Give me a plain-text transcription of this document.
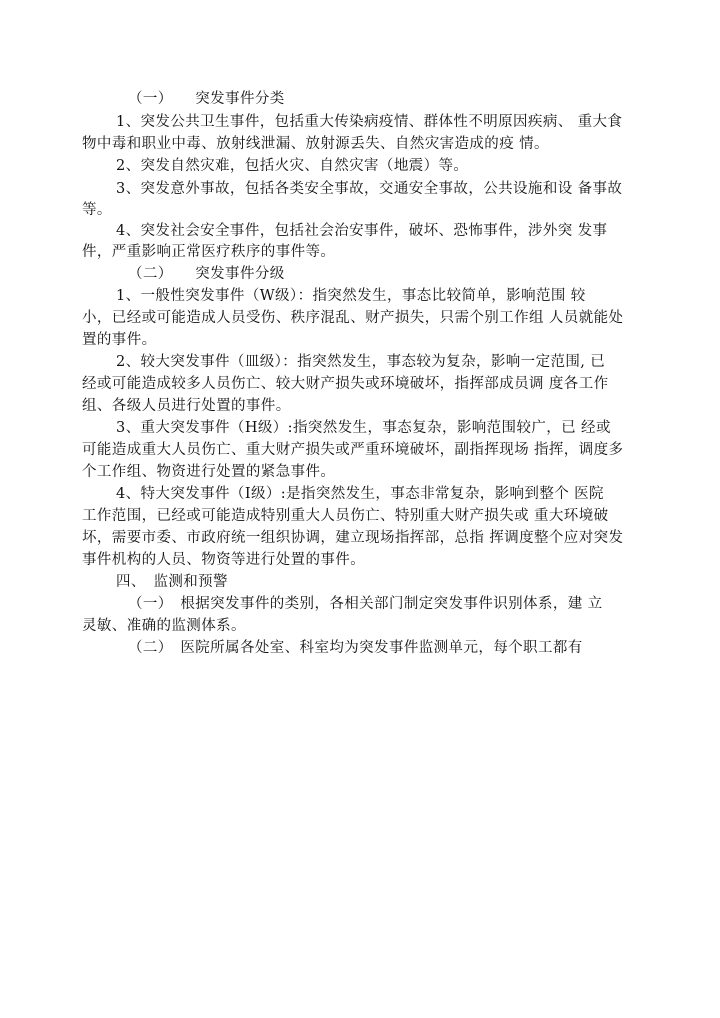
（一）　　突发事件分类
1、突发公共卫生事件，包括重大传染病疫情、群体性不明原因疾病、 重大食
物中毒和职业中毒、放射线泄漏、放射源丢失、自然灾害造成的疫 情。
2、突发自然灾难，包括火灾、自然灾害（地震）等。
3、突发意外事故，包括各类安全事故，交通安全事故，公共设施和设 备事故
等。
4、突发社会安全事件，包括社会治安事件，破坏、恐怖事件，涉外突 发事
件，严重影响正常医疗秩序的事件等。
（二）　　突发事件分级
1、一般性突发事件（W级）：指突然发生，事态比较简单，影响范围 较
小，已经或可能造成人员受伤、秩序混乱、财产损失，只需个别工作组 人员就能处
置的事件。
2、较大突发事件（皿级）：指突然发生，事态较为复杂，影响一定范围, 已
经或可能造成较多人员伤亡、较大财产损失或环境破坏，指挥部成员调 度各工作
组、各级人员进行处置的事件。
3、重大突发事件（H级）:指突然发生，事态复杂，影响范围较广，已 经或
可能造成重大人员伤亡、重大财产损失或严重环境破坏，副指挥现场 指挥，调度多
个工作组、物资进行处置的紧急事件。
4、特大突发事件（I级）:是指突然发生，事态非常复杂，影响到整个 医院
工作范围，已经或可能造成特别重大人员伤亡、特别重大财产损失或 重大环境破
坏，需要市委、市政府统一组织协调，建立现场指挥部，总指 挥调度整个应对突发
事件机构的人员、物资等进行处置的事件。
四、　监测和预警
（一）　根据突发事件的类别，各相关部门制定突发事件识别体系，建 立
灵敏、准确的监测体系。
（二）　医院所属各处室、科室均为突发事件监测单元，每个职工都有
